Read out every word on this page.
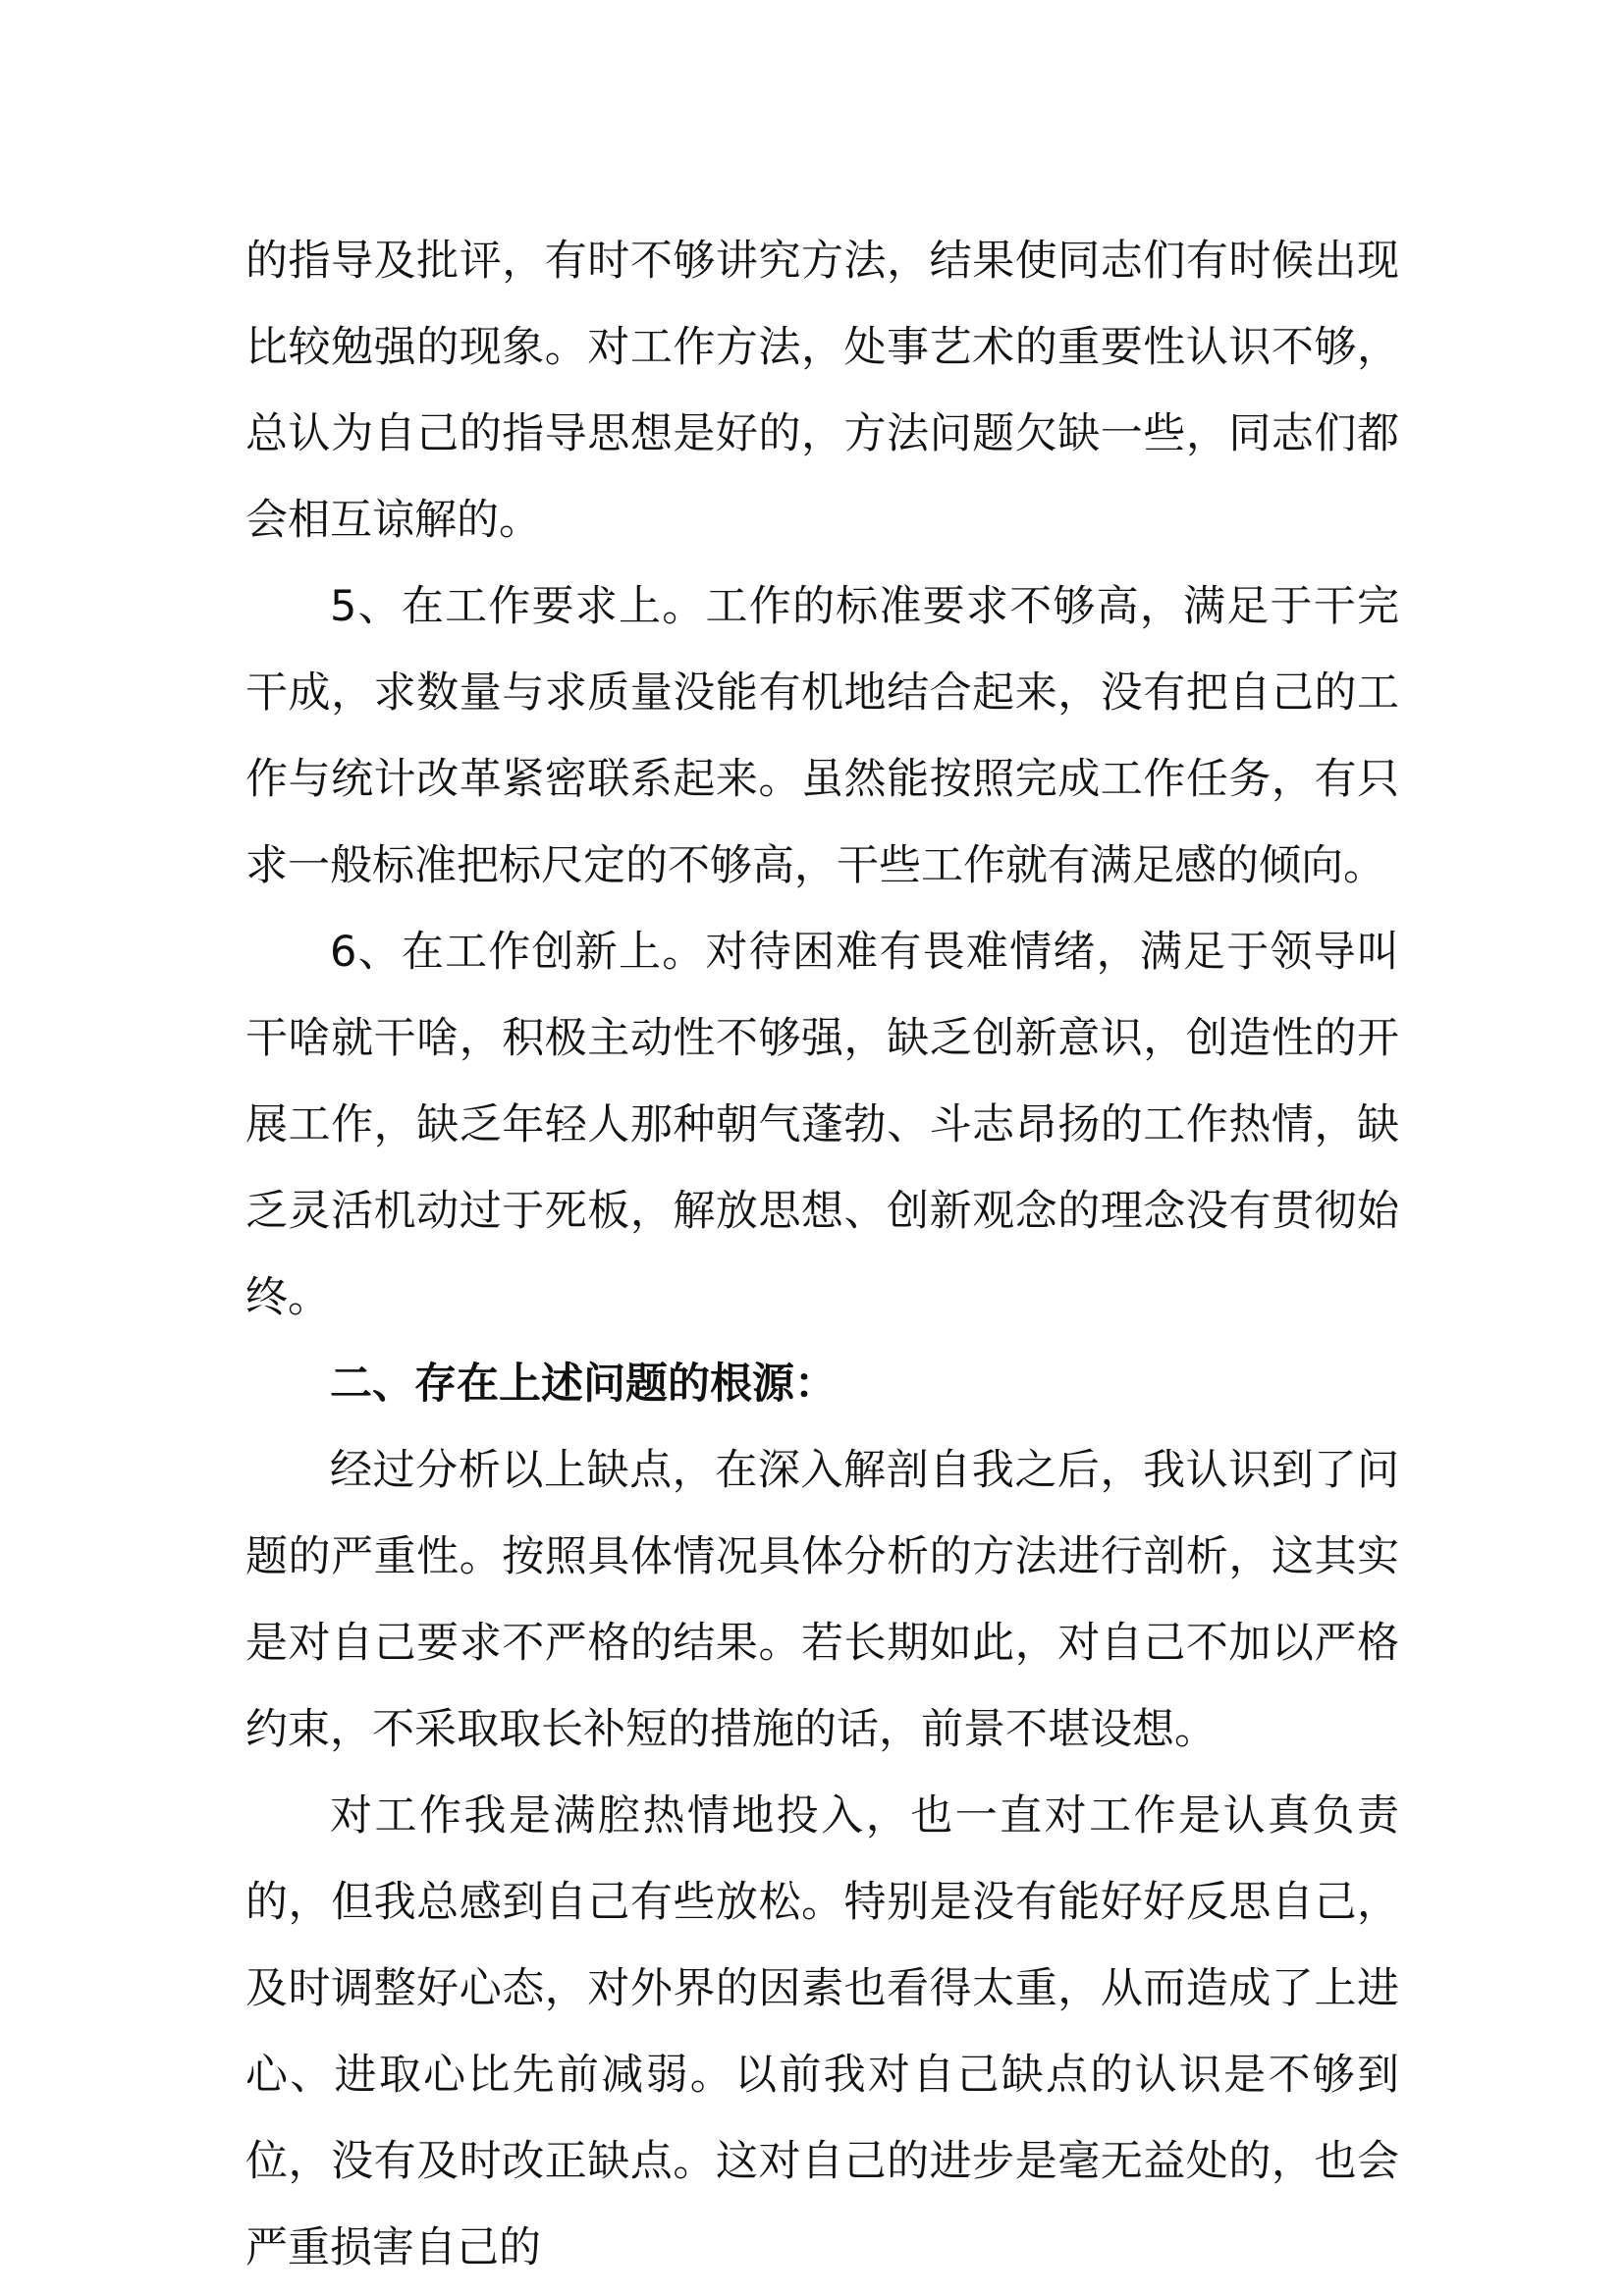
的指导及批评，有时不够讲究方法，结果使同志们有时候出现比较勉强的现象。对工作方法，处事艺术的重要性认识不够，总认为自己的指导思想是好的，方法问题欠缺一些，同志们都会相互谅解的。

5、在工作要求上。工作的标准要求不够高，满足于干完干成，求数量与求质量没能有机地结合起来，没有把自己的工作与统计改革紧密联系起来。虽然能按照完成工作任务，有只求一般标准把标尺定的不够高，干些工作就有满足感的倾向。

6、在工作创新上。对待困难有畏难情绪，满足于领导叫干啥就干啥，积极主动性不够强，缺乏创新意识，创造性的开展工作，缺乏年轻人那种朝气蓬勃、斗志昂扬的工作热情，缺乏灵活机动过于死板，解放思想、创新观念的理念没有贯彻始终。

二、存在上述问题的根源：

经过分析以上缺点，在深入解剖自我之后，我认识到了问题的严重性。按照具体情况具体分析的方法进行剖析，这其实是对自己要求不严格的结果。若长期如此，对自己不加以严格约束，不采取取长补短的措施的话，前景不堪设想。

对工作我是满腔热情地投入，也一直对工作是认真负责的，但我总感到自己有些放松。特别是没有能好好反思自己，及时调整好心态，对外界的因素也看得太重，从而造成了上进心、进取心比先前减弱。以前我对自己缺点的认识是不够到位，没有及时改正缺点。这对自己的进步是毫无益处的，也会严重损害自己的
